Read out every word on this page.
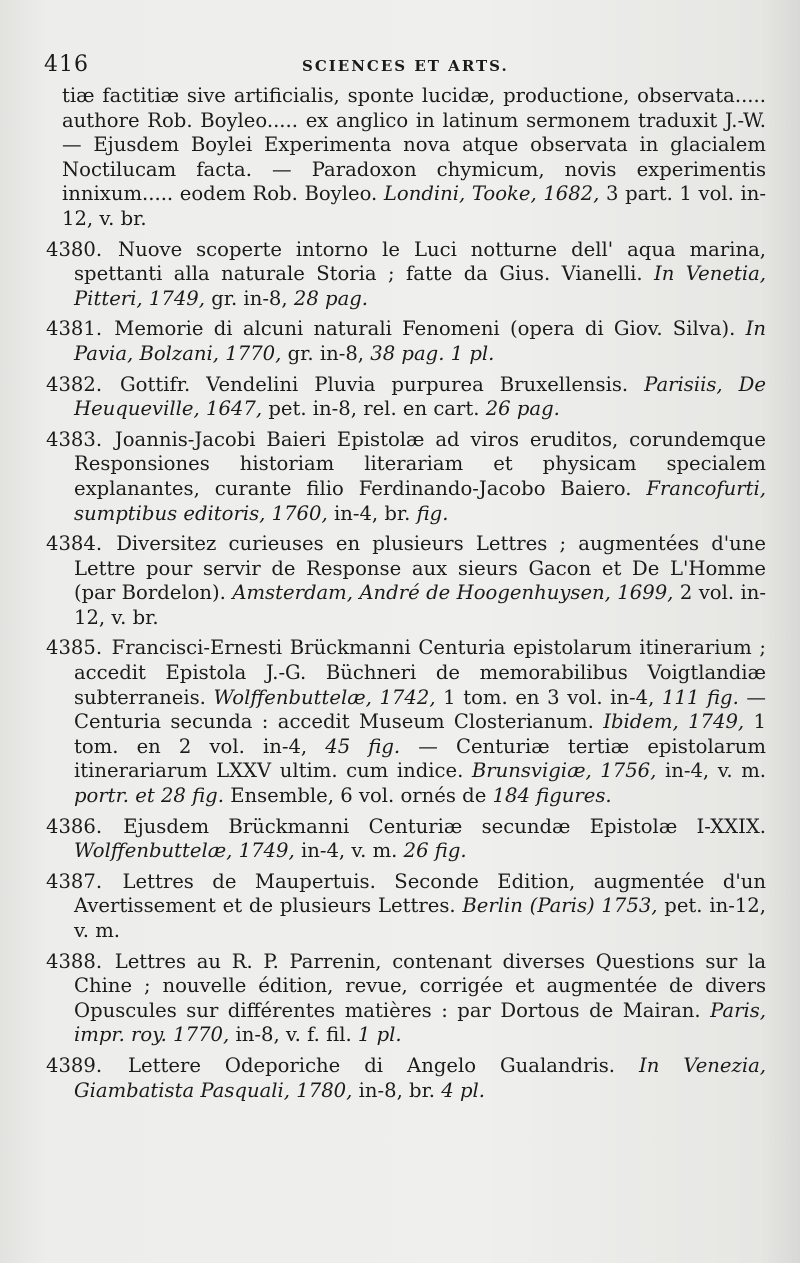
416	SCIENCES ET ARTS.

tiæ factitiæ sive artificialis, sponte lucidæ, productione, observata..... authore Rob. Boyleo..... ex anglico in latinum sermonem traduxit J.-W. — Ejusdem Boylei Experimenta nova atque observata in glacialem Noctilucam facta. — Paradoxon chymicum, novis experimentis innixum..... eodem Rob. Boyleo. Londini, Tooke, 1682, 3 part. 1 vol. in-12, v. br.

4380. Nuove scoperte intorno le Luci notturne dell' aqua marina, spettanti alla naturale Storia ; fatte da Gius. Vianelli. In Venetia, Pitteri, 1749, gr. in-8, 28 pag.

4381. Memorie di alcuni naturali Fenomeni (opera di Giov. Silva). In Pavia, Bolzani, 1770, gr. in-8, 38 pag. 1 pl.

4382. Gottifr. Vendelini Pluvia purpurea Bruxellensis. Parisiis, De Heuqueville, 1647, pet. in-8, rel. en cart. 26 pag.

4383. Joannis-Jacobi Baieri Epistolæ ad viros eruditos, corundemque Responsiones historiam literariam et physicam specialem explanantes, curante filio Ferdinando-Jacobo Baiero. Francofurti, sumptibus editoris, 1760, in-4, br. fig.

4384. Diversitez curieuses en plusieurs Lettres ; augmentées d'une Lettre pour servir de Response aux sieurs Gacon et De L'Homme (par Bordelon). Amsterdam, André de Hoogenhuysen, 1699, 2 vol. in-12, v. br.

4385. Francisci-Ernesti Brückmanni Centuria epistolarum itinerarium ; accedit Epistola J.-G. Büchneri de memorabilibus Voigtlandiæ subterraneis. Wolffenbuttelæ, 1742, 1 tom. en 3 vol. in-4, 111 fig. — Centuria secunda : accedit Museum Closterianum. Ibidem, 1749, 1 tom. en 2 vol. in-4, 45 fig. — Centuriæ tertiæ epistolarum itinerariarum LXXV ultim. cum indice. Brunsvigiæ, 1756, in-4, v. m. portr. et 28 fig. Ensemble, 6 vol. ornés de 184 figures.

4386. Ejusdem Brückmanni Centuriæ secundæ Epistolæ I-XXIX. Wolffenbuttelæ, 1749, in-4, v. m. 26 fig.

4387. Lettres de Maupertuis. Seconde Edition, augmentée d'un Avertissement et de plusieurs Lettres. Berlin (Paris) 1753, pet. in-12, v. m.

4388. Lettres au R. P. Parrenin, contenant diverses Questions sur la Chine ; nouvelle édition, revue, corrigée et augmentée de divers Opuscules sur différentes matières : par Dortous de Mairan. Paris, impr. roy. 1770, in-8, v. f. fil. 1 pl.

4389. Lettere Odeporiche di Angelo Gualandris. In Venezia, Giambatista Pasquali, 1780, in-8, br. 4 pl.
